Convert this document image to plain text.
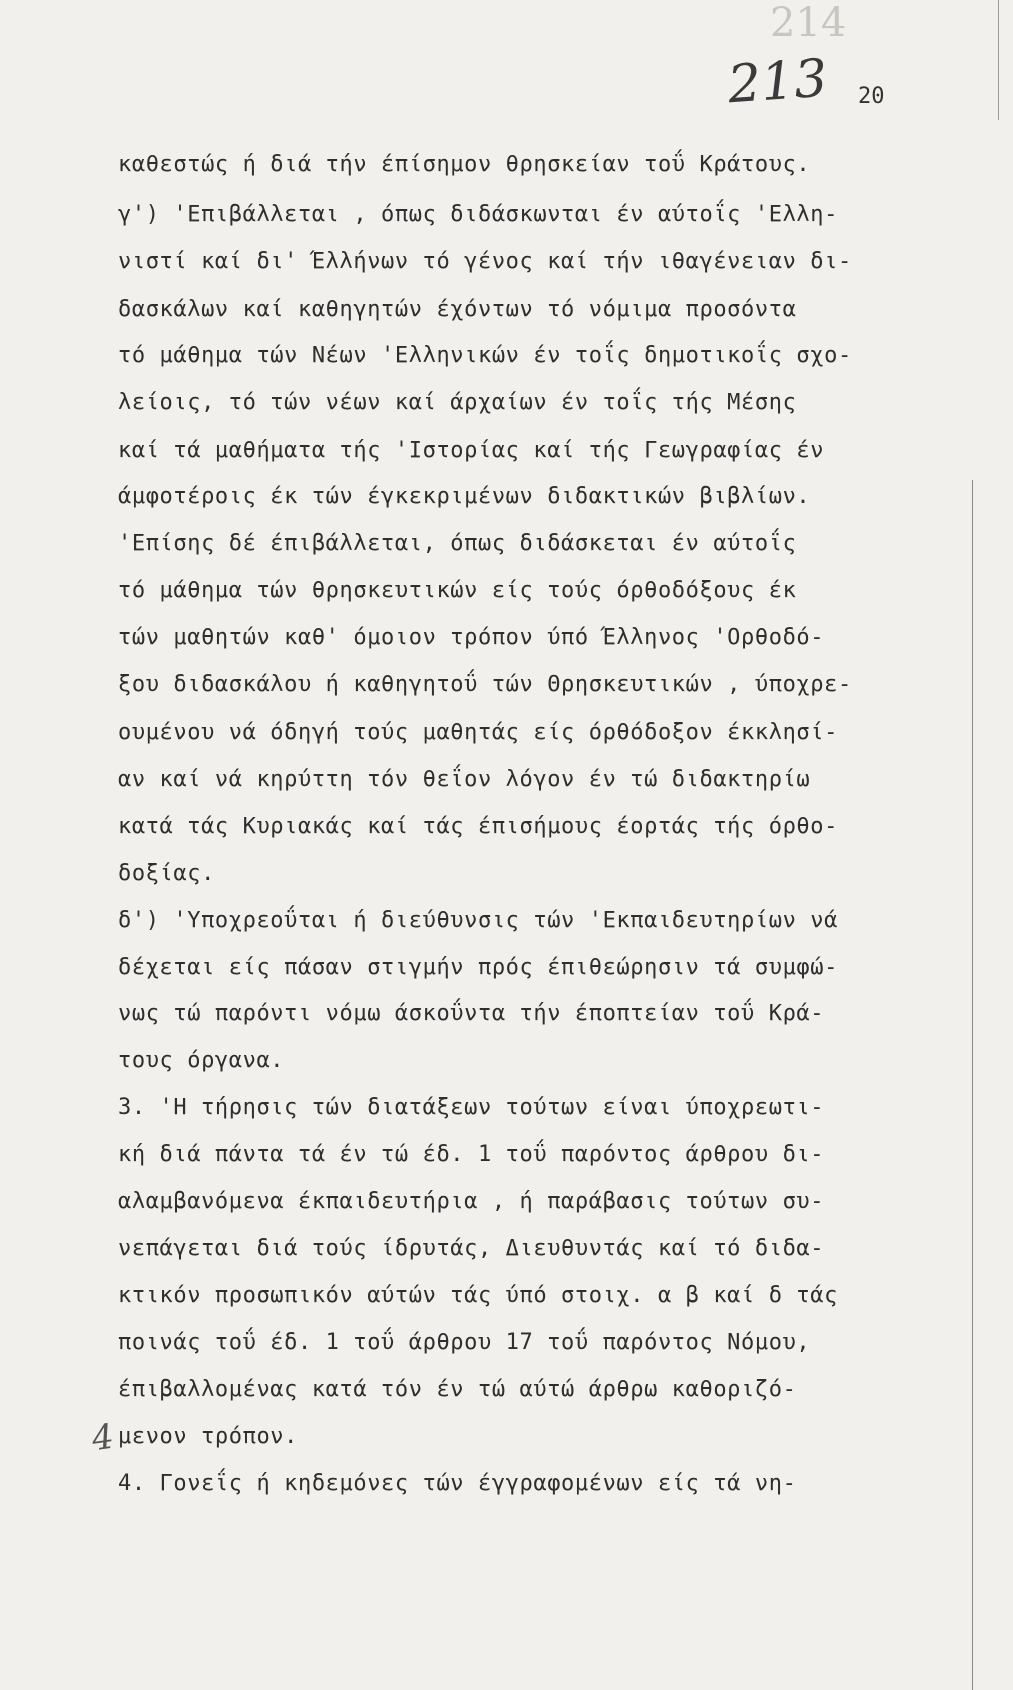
214
213 20
καθεστώς ή διά τήν έπίσημον θρησκείαν τοΰ Κράτους.
γ') 'Επιβάλλεται , όπως διδάσκωνται έν αύτοΐς 'Ελλη-
νιστί καί δι' Έλλήνων τό γένος καί τήν ιθαγένειαν δι-
δασκάλων καί καθηγητών έχόντων τό νόμιμα προσόντα
τό μάθημα τών Νέων 'Ελληνικών έν τοΐς δημοτικοΐς σχο-
λείοις, τό τών νέων καί άρχαίων έν τοΐς τής Μέσης
καί τά μαθήματα τής 'Ιστορίας καί τής Γεωγραφίας έν
άμφοτέροις έκ τών έγκεκριμένων διδακτικών βιβλίων.
'Επίσης δέ έπιβάλλεται, όπως διδάσκεται έν αύτοΐς
τό μάθημα τών θρησκευτικών είς τούς όρθοδόξους έκ
τών μαθητών καθ' όμοιον τρόπον ύπό Έλληνος 'Ορθοδό-
ξου διδασκάλου ή καθηγητοΰ τών Θρησκευτικών , ύποχρε-
ουμένου νά όδηγή τούς μαθητάς είς όρθόδοξον έκκλησί-
αν καί νά κηρύττη τόν θεΐον λόγον έν τώ διδακτηρίω
κατά τάς Κυριακάς καί τάς έπισήμους έορτάς τής όρθο-
δοξίας.
δ') 'Υποχρεοΰται ή διεύθυνσις τών 'Εκπαιδευτηρίων νά
δέχεται είς πάσαν στιγμήν πρός έπιθεώρησιν τά συμφώ-
νως τώ παρόντι νόμω άσκοΰντα τήν έποπτείαν τοΰ Κρά-
τους όργανα.
3. 'Η τήρησις τών διατάξεων τούτων είναι ύποχρεωτι-
κή διά πάντα τά έν τώ έδ. 1 τοΰ παρόντος άρθρου δι-
αλαμβανόμενα έκπαιδευτήρια , ή παράβασις τούτων συ-
νεπάγεται διά τούς ίδρυτάς, Διευθυντάς καί τό διδα-
κτικόν προσωπικόν αύτών τάς ύπό στοιχ. α β καί δ τάς
ποινάς τοΰ έδ. 1 τοΰ άρθρου 17 τοΰ παρόντος Νόμου,
έπιβαλλομένας κατά τόν έν τώ αύτώ άρθρω καθοριζό-
μενον τρόπον.
4. Γονεΐς ή κηδεμόνες τών έγγραφομένων είς τά νη-
4
